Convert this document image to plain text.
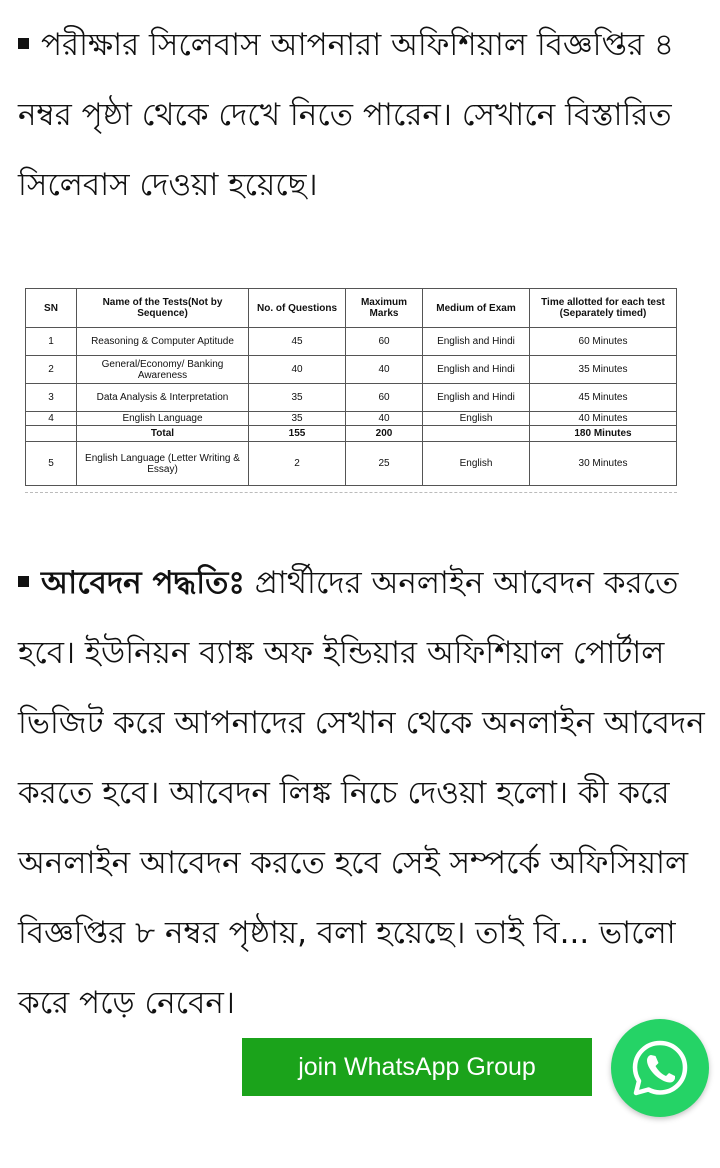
পরীক্ষার সিলেবাস আপনারা অফিশিয়াল বিজ্ঞপ্তির ৪ নম্বর পৃষ্ঠা থেকে দেখে নিতে পারেন। সেখানে বিস্তারিত সিলেবাস দেওয়া হয়েছে।

SN	Name of the Tests(Not by Sequence)	No. of Questions	Maximum Marks	Medium of Exam	Time allotted for each test (Separately timed)
1	Reasoning & Computer Aptitude	45	60	English and Hindi	60 Minutes
2	General/Economy/ Banking Awareness	40	40	English and Hindi	35 Minutes
3	Data Analysis & Interpretation	35	60	English and Hindi	45 Minutes
4	English Language	35	40	English	40 Minutes
	Total	155	200		180 Minutes
5	English Language (Letter Writing & Essay)	2	25	English	30 Minutes

আবেদন পদ্ধতিঃ প্রার্থীদের অনলাইন আবেদন করতে হবে। ইউনিয়ন ব্যাঙ্ক অফ ইন্ডিয়ার অফিশিয়াল পোর্টাল ভিজিট করে আপনাদের সেখান থেকে অনলাইন আবেদন করতে হবে। আবেদন লিঙ্ক নিচে দেওয়া হলো। কী করে অনলাইন আবেদন করতে হবে সেই সম্পর্কে অফিসিয়াল বিজ্ঞপ্তির ৮ নম্বর পৃষ্ঠায়, বলা হয়েছে। তাই বি... ভালো করে পড়ে নেবেন।

join WhatsApp Group
